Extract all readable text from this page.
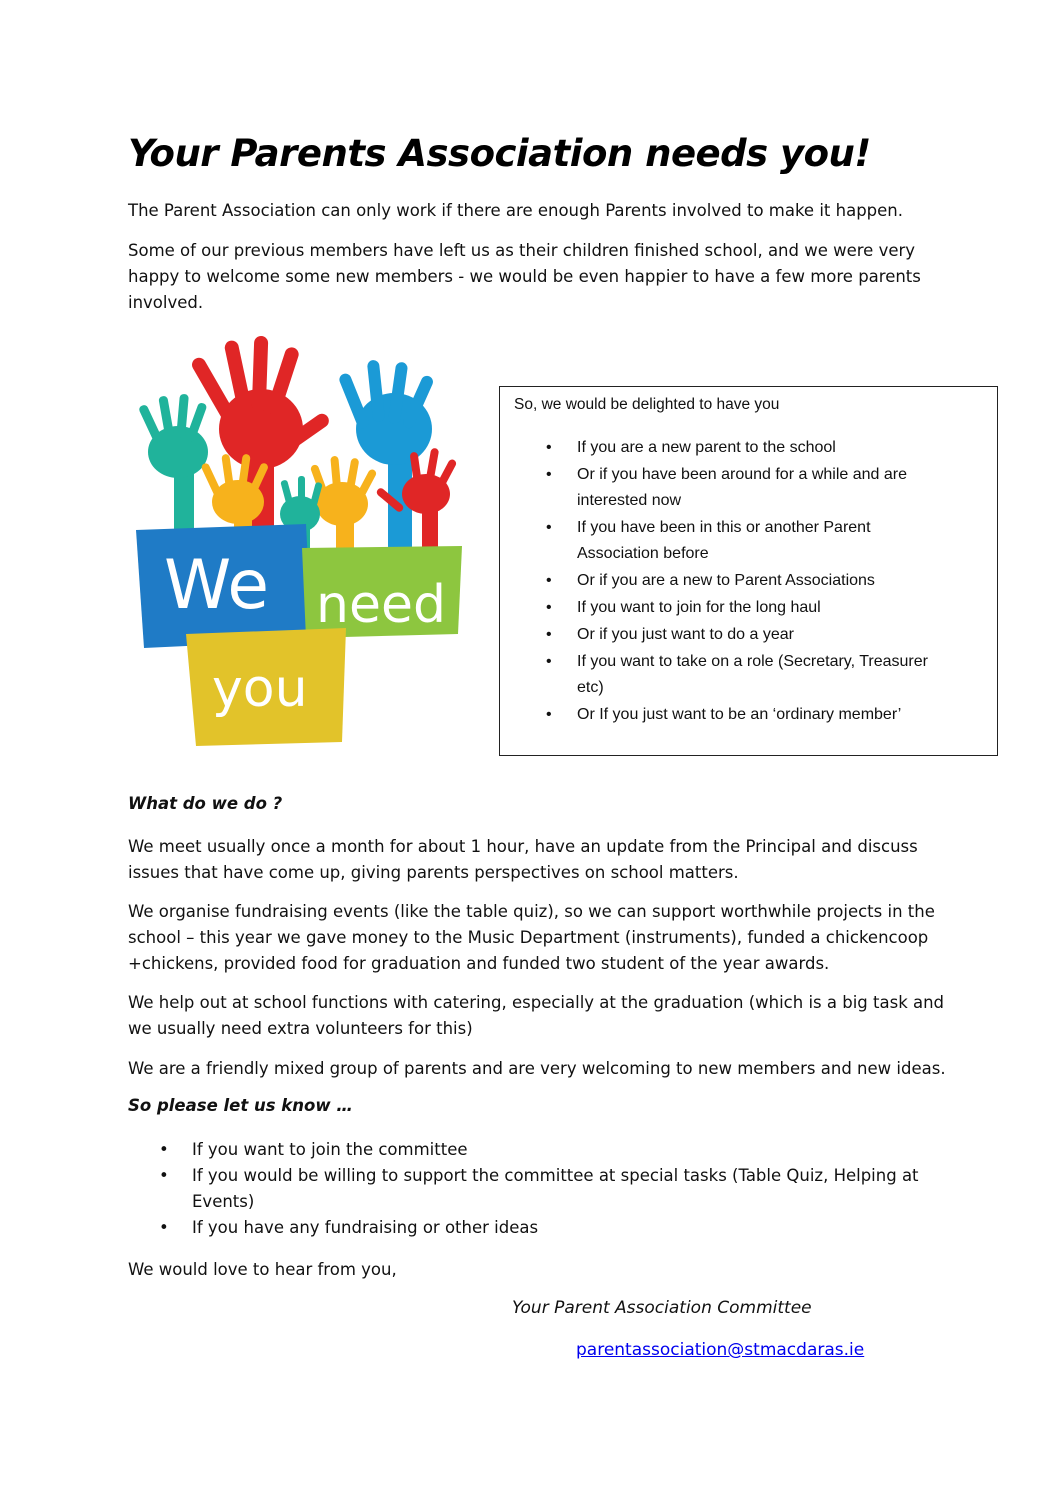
Your Parents Association needs you!

The Parent Association can only work if there are enough Parents involved to make it happen.

Some of our previous members have left us as their children finished school, and we were very

happy to welcome some new members - we would be even happier to have a few more parents

involved.

We need
you
So, we would be delighted to have you
• If you are a new parent to the school
• Or if you have been around for a while and are
interested now
• If you have been in this or another Parent
Association before
• Or if you are a new to Parent Associations
• If you want to join for the long haul
• Or if you just want to do a year
• If you want to take on a role (Secretary, Treasurer
etc)
• Or If you just want to be an ‘ordinary member’

What do we do ?

We meet usually once a month for about 1 hour, have an update from the Principal and discuss

issues that have come up, giving parents perspectives on school matters.

We organise fundraising events (like the table quiz), so we can support worthwhile projects in the

school – this year we gave money to the Music Department (instruments), funded a chickencoop

+chickens, provided food for graduation and funded two student of the year awards.

We help out at school functions with catering, especially at the graduation (which is a big task and

we usually need extra volunteers for this)

We are a friendly mixed group of parents and are very welcoming to new members and new ideas.

So please let us know …

• If you want to join the committee
• If you would be willing to support the committee at special tasks (Table Quiz, Helping at
Events)
• If you have any fundraising or other ideas

We would love to hear from you,

Your Parent Association Committee

parentassociation@stmacdaras.ie
